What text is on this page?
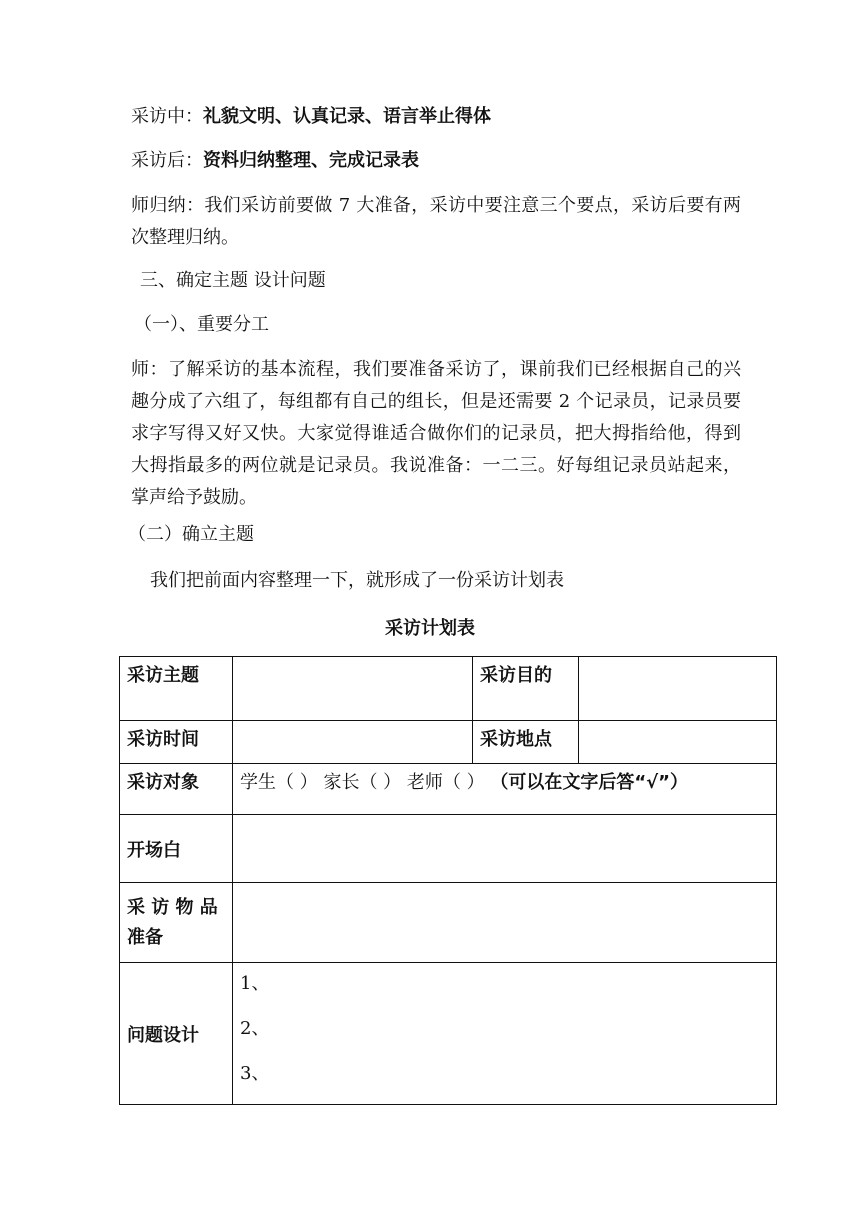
采访中：礼貌文明、认真记录、语言举止得体
采访后：资料归纳整理、完成记录表
师归纳：我们采访前要做 7 大准备，采访中要注意三个要点，采访后要有两次整理归纳。
三、确定主题 设计问题
（一）、重要分工
师：了解采访的基本流程，我们要准备采访了，课前我们已经根据自己的兴趣分成了六组了，每组都有自己的组长，但是还需要 2 个记录员，记录员要求字写得又好又快。大家觉得谁适合做你们的记录员，把大拇指给他，得到大拇指最多的两位就是记录员。我说准备：一二三。好每组记录员站起来，掌声给予鼓励。
（二）确立主题
我们把前面内容整理一下，就形成了一份采访计划表
采访计划表
采访主题		采访目的	
采访时间		采访地点	
采访对象	学生（ ） 家长（ ） 老师（ ） （可以在文字后答“√”）		
开场白			
采 访 物 品 准备			
问题设计	1、
2、
3、		
